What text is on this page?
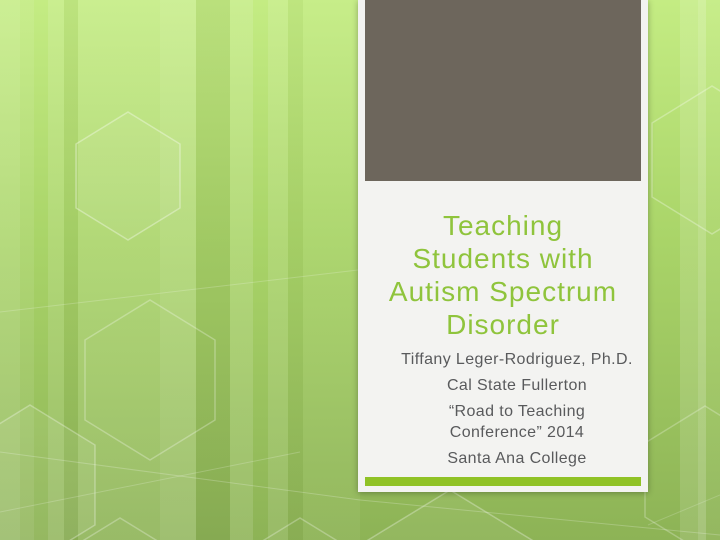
Teaching
Students with
Autism Spectrum
Disorder
Tiffany Leger-Rodriguez, Ph.D.
Cal State Fullerton
“Road to Teaching
Conference” 2014
Santa Ana College
